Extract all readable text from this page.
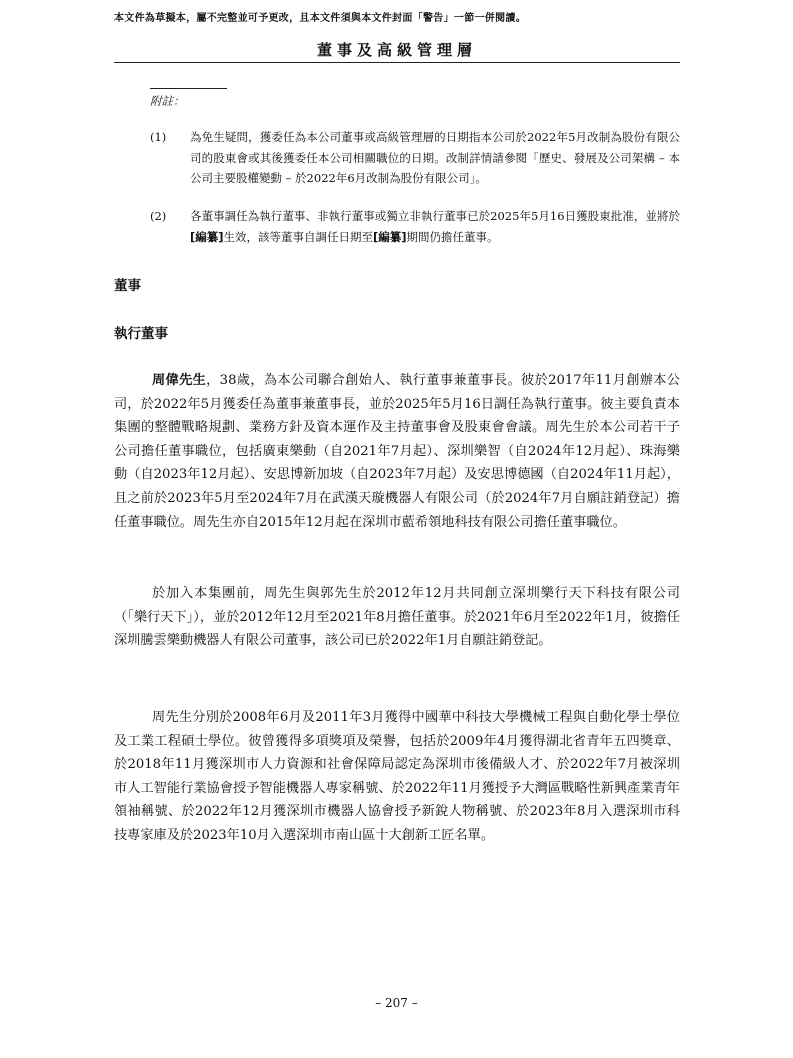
本文件為草擬本，屬不完整並可予更改，且本文件須與本文件封面「警告」一節一併閱讀。
董事及高級管理層
附註：
(1) 為免生疑問，獲委任為本公司董事或高級管理層的日期指本公司於2022年5月改制為股份有限公司的股東會或其後獲委任本公司相關職位的日期。改制詳情請參閱「歷史、發展及公司架構 – 本公司主要股權變動 – 於2022年6月改制為股份有限公司」。
(2) 各董事調任為執行董事、非執行董事或獨立非執行董事已於2025年5月16日獲股東批准，並將於[編纂]生效，該等董事自調任日期至[編纂]期間仍擔任董事。
董事
執行董事

周偉先生，38歲，為本公司聯合創始人、執行董事兼董事長。彼於2017年11月創辦本公司，於2022年5月獲委任為董事兼董事長，並於2025年5月16日調任為執行董事。彼主要負責本集團的整體戰略規劃、業務方針及資本運作及主持董事會及股東會會議。周先生於本公司若干子公司擔任董事職位，包括廣東樂動（自2021年7月起）、深圳樂智（自2024年12月起）、珠海樂動（自2023年12月起）、安思博新加坡（自2023年7月起）及安思博德國（自2024年11月起），且之前於2023年5月至2024年7月在武漢天璇機器人有限公司（於2024年7月自願註銷登記）擔任董事職位。周先生亦自2015年12月起在深圳市藍希領地科技有限公司擔任董事職位。

於加入本集團前，周先生與郭先生於2012年12月共同創立深圳樂行天下科技有限公司（「樂行天下」），並於2012年12月至2021年8月擔任董事。於2021年6月至2022年1月，彼擔任深圳騰雲樂動機器人有限公司董事，該公司已於2022年1月自願註銷登記。

周先生分別於2008年6月及2011年3月獲得中國華中科技大學機械工程與自動化學士學位及工業工程碩士學位。彼曾獲得多項獎項及榮譽，包括於2009年4月獲得湖北省青年五四獎章、於2018年11月獲深圳市人力資源和社會保障局認定為深圳市後備級人才、於2022年7月被深圳市人工智能行業協會授予智能機器人專家稱號、於2022年11月獲授予大灣區戰略性新興產業青年領袖稱號、於2022年12月獲深圳市機器人協會授予新銳人物稱號、於2023年8月入選深圳市科技專家庫及於2023年10月入選深圳市南山區十大創新工匠名單。

– 207 –
